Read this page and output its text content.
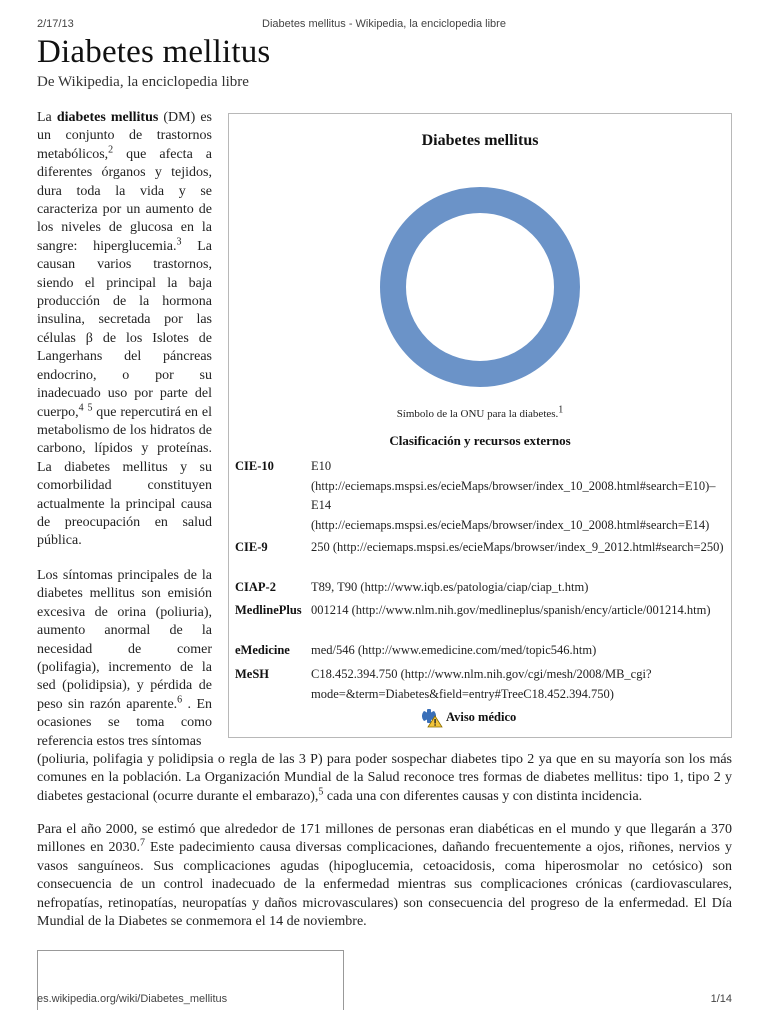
2/17/13	Diabetes mellitus - Wikipedia, la enciclopedia libre
Diabetes mellitus
De Wikipedia, la enciclopedia libre

La diabetes mellitus (DM) es un conjunto de trastornos metabólicos,$^2$ que afecta a diferentes órganos y tejidos, dura toda la vida y se caracteriza por un aumento de los niveles de glucosa en la sangre: hiperglucemia.$^3$ La causan varios trastornos, siendo el principal la baja producción de la hormona insulina, secretada por las células β de los Islotes de Langerhans del páncreas endocrino, o por su inadecuado uso por parte del cuerpo,$^4$ $^5$ que repercutirá en el metabolismo de los hidratos de carbono, lípidos y proteínas. La diabetes mellitus y su comorbilidad constituyen actualmente la principal causa de preocupación en salud pública.

Los síntomas principales de la diabetes mellitus son emisión excesiva de orina (poliuria), aumento anormal de la necesidad de comer (polifagia), incremento de la sed (polidipsia), y pérdida de peso sin razón aparente.$^6$ . En ocasiones se toma como referencia estos tres síntomas

(poliuria, polifagia y polidipsia o regla de las 3 P) para poder sospechar diabetes tipo 2 ya que en su mayoría son los más comunes en la población. La Organización Mundial de la Salud reconoce tres formas de diabetes mellitus: tipo 1, tipo 2 y diabetes gestacional (ocurre durante el embarazo),$^5$ cada una con diferentes causas y con distinta incidencia.

Para el año 2000, se estimó que alrededor de 171 millones de personas eran diabéticas en el mundo y que llegarán a 370 millones en 2030.$^7$ Este padecimiento causa diversas complicaciones, dañando frecuentemente a ojos, riñones, nervios y vasos sanguíneos. Sus complicaciones agudas (hipoglucemia, cetoacidosis, coma hiperosmolar no cetósico) son consecuencia de un control inadecuado de la enfermedad mientras sus complicaciones crónicas (cardiovasculares, nefropatías, retinopatías, neuropatías y daños microvasculares) son consecuencia del progreso de la enfermedad. El Día Mundial de la Diabetes se conmemora el 14 de noviembre.

Diabetes mellitus
Símbolo de la ONU para la diabetes.$^1$
Clasificación y recursos externos
CIE-10	E10 (http://eciemaps.mspsi.es/ecieMaps/browser/index_10_2008.html#search=E10)–E14 (http://eciemaps.mspsi.es/ecieMaps/browser/index_10_2008.html#search=E14)
CIE-9	250 (http://eciemaps.mspsi.es/ecieMaps/browser/index_9_2012.html#search=250)
CIAP-2	T89, T90 (http://www.iqb.es/patologia/ciap/ciap_t.htm)
MedlinePlus 001214 (http://www.nlm.nih.gov/medlineplus/spanish/ency/article/001214.htm)
eMedicine med/546 (http://www.emedicine.com/med/topic546.htm)
MeSH	C18.452.394.750 (http://www.nlm.nih.gov/cgi/mesh/2008/MB_cgi?mode=&term=Diabetes&field=entry#TreeC18.452.394.750)
Aviso médico
es.wikipedia.org/wiki/Diabetes_mellitus	1/14
